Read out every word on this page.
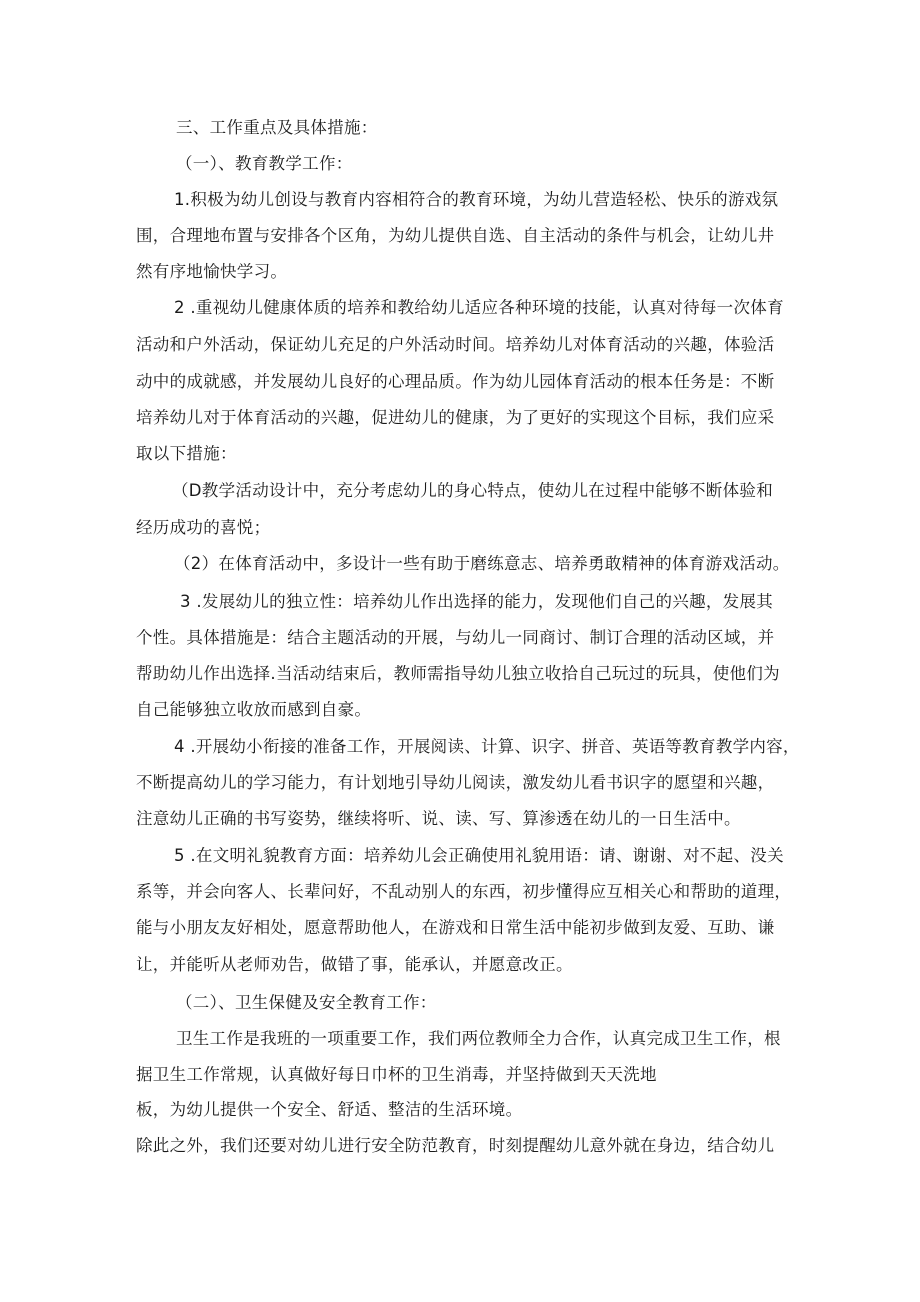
三、工作重点及具体措施：
（一）、教育教学工作：
1.积极为幼儿创设与教育内容相符合的教育环境，为幼儿营造轻松、快乐的游戏氛
围，合理地布置与安排各个区角，为幼儿提供自选、自主活动的条件与机会，让幼儿井
然有序地愉快学习。
2 .重视幼儿健康体质的培养和教给幼儿适应各种环境的技能，认真对待每一次体育
活动和户外活动，保证幼儿充足的户外活动时间。培养幼儿对体育活动的兴趣，体验活
动中的成就感，并发展幼儿良好的心理品质。作为幼儿园体育活动的根本任务是：不断
培养幼儿对于体育活动的兴趣，促进幼儿的健康，为了更好的实现这个目标，我们应采
取以下措施：
（D教学活动设计中，充分考虑幼儿的身心特点，使幼儿在过程中能够不断体验和
经历成功的喜悦；
（2）在体育活动中，多设计一些有助于磨练意志、培养勇敢精神的体育游戏活动。
3 .发展幼儿的独立性：培养幼儿作出选择的能力，发现他们自己的兴趣，发展其
个性。具体措施是：结合主题活动的开展，与幼儿一同商讨、制订合理的活动区域，并
帮助幼儿作出选择.当活动结束后，教师需指导幼儿独立收拾自己玩过的玩具，使他们为
自己能够独立收放而感到自豪。
4 .开展幼小衔接的准备工作，开展阅读、计算、识字、拼音、英语等教育教学内容，
不断提高幼儿的学习能力，有计划地引导幼儿阅读，激发幼儿看书识字的愿望和兴趣，
注意幼儿正确的书写姿势，继续将听、说、读、写、算渗透在幼儿的一日生活中。
5 .在文明礼貌教育方面：培养幼儿会正确使用礼貌用语：请、谢谢、对不起、没关
系等，并会向客人、长辈问好，不乱动别人的东西，初步懂得应互相关心和帮助的道理，
能与小朋友友好相处，愿意帮助他人，在游戏和日常生活中能初步做到友爱、互助、谦
让，并能听从老师劝告，做错了事，能承认，并愿意改正。
（二）、卫生保健及安全教育工作：
卫生工作是我班的一项重要工作，我们两位教师全力合作，认真完成卫生工作，根
据卫生工作常规，认真做好每日巾杯的卫生消毒，并坚持做到天天洗地
板，为幼儿提供一个安全、舒适、整洁的生活环境。
除此之外，我们还要对幼儿进行安全防范教育，时刻提醒幼儿意外就在身边，结合幼儿
